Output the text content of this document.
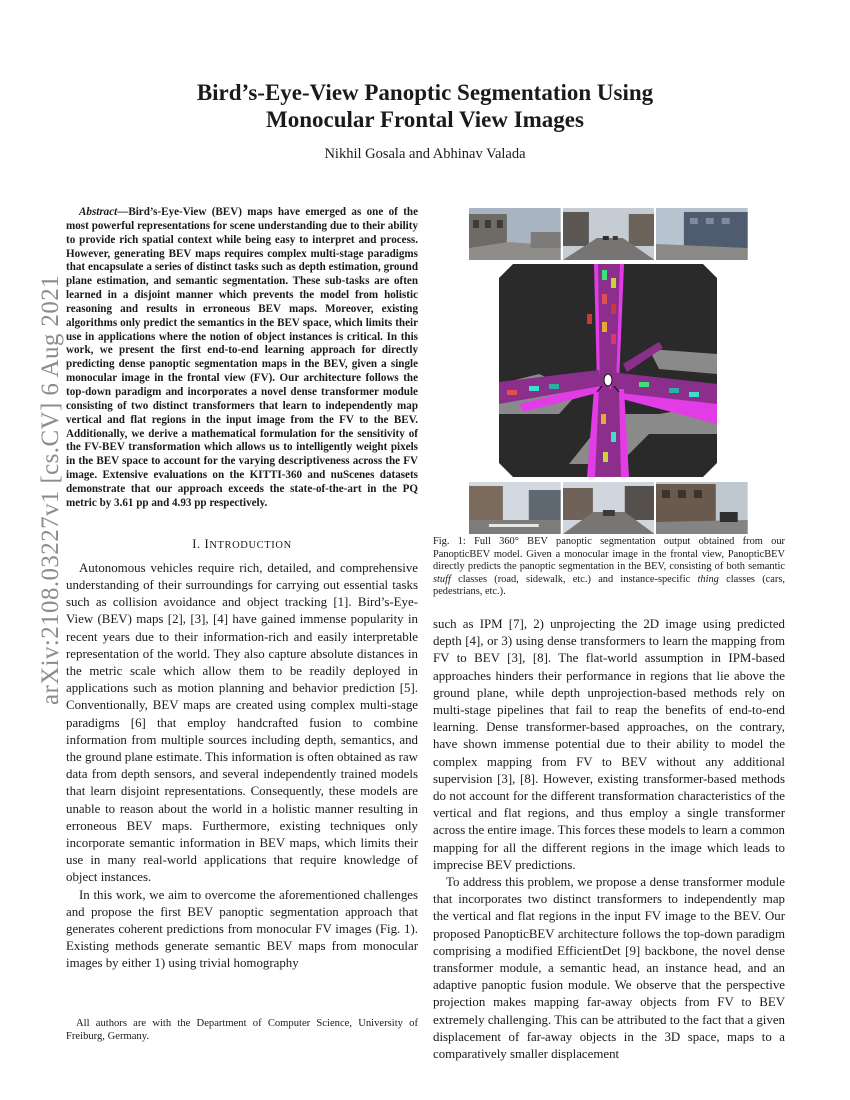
arXiv:2108.03227v1 [cs.CV] 6 Aug 2021
Bird’s-Eye-View Panoptic Segmentation Using
Monocular Frontal View Images
Nikhil Gosala and Abhinav Valada

Abstract—Bird’s-Eye-View (BEV) maps have emerged as one of the most powerful representations for scene understanding due to their ability to provide rich spatial context while being easy to interpret and process. However, generating BEV maps requires complex multi-stage paradigms that encapsulate a series of distinct tasks such as depth estimation, ground plane estimation, and semantic segmentation. These sub-tasks are often learned in a disjoint manner which prevents the model from holistic reasoning and results in erroneous BEV maps. Moreover, existing algorithms only predict the semantics in the BEV space, which limits their use in applications where the notion of object instances is critical. In this work, we present the first end-to-end learning approach for directly predicting dense panoptic segmentation maps in the BEV, given a single monocular image in the frontal view (FV). Our architecture follows the top-down paradigm and incorporates a novel dense transformer module consisting of two distinct transformers that learn to independently map vertical and flat regions in the input image from the FV to the BEV. Additionally, we derive a mathematical formulation for the sensitivity of the FV-BEV transformation which allows us to intelligently weight pixels in the BEV space to account for the varying descriptiveness across the FV image. Extensive evaluations on the KITTI-360 and nuScenes datasets demonstrate that our approach exceeds the state-of-the-art in the PQ metric by 3.61 pp and 4.93 pp respectively.

I. INTRODUCTION

Autonomous vehicles require rich, detailed, and comprehensive understanding of their surroundings for carrying out essential tasks such as collision avoidance and object tracking [1]. Bird’s-Eye-View (BEV) maps [2], [3], [4] have gained immense popularity in recent years due to their information-rich and easily interpretable representation of the world. They also capture absolute distances in the metric scale which allow them to be readily deployed in applications such as motion planning and behavior prediction [5]. Conventionally, BEV maps are created using complex multi-stage paradigms [6] that employ handcrafted fusion to combine information from multiple sources including depth, semantics, and the ground plane estimate. This information is often obtained as raw data from depth sensors, and several independently trained models that learn disjoint representations. Consequently, these models are unable to reason about the world in a holistic manner resulting in erroneous BEV maps. Furthermore, existing techniques only incorporate semantic information in BEV maps, which limits their use in many real-world applications that require knowledge of object instances.

In this work, we aim to overcome the aforementioned challenges and propose the first BEV panoptic segmentation approach that generates coherent predictions from monocular FV images (Fig. 1). Existing methods generate semantic BEV maps from monocular images by either 1) using trivial homography

All authors are with the Department of Computer Science, University of Freiburg, Germany.
Fig. 1: Full 360° BEV panoptic segmentation output obtained from our PanopticBEV model. Given a monocular image in the frontal view, PanopticBEV directly predicts the panoptic segmentation in the BEV, consisting of both semantic stuff classes (road, sidewalk, etc.) and instance-specific thing classes (cars, pedestrians, etc.).

such as IPM [7], 2) unprojecting the 2D image using predicted depth [4], or 3) using dense transformers to learn the mapping from FV to BEV [3], [8]. The flat-world assumption in IPM-based approaches hinders their performance in regions that lie above the ground plane, while depth unprojection-based methods rely on multi-stage pipelines that fail to reap the benefits of end-to-end learning. Dense transformer-based approaches, on the contrary, have shown immense potential due to their ability to model the complex mapping from FV to BEV without any additional supervision [3], [8]. However, existing transformer-based methods do not account for the different transformation characteristics of the vertical and flat regions, and thus employ a single transformer across the entire image. This forces these models to learn a common mapping for all the different regions in the image which leads to imprecise BEV predictions.

To address this problem, we propose a dense transformer module that incorporates two distinct transformers to independently map the vertical and flat regions in the input FV image to the BEV. Our proposed PanopticBEV architecture follows the top-down paradigm comprising a modified EfficientDet [9] backbone, the novel dense transformer module, a semantic head, an instance head, and an adaptive panoptic fusion module. We observe that the perspective projection makes mapping far-away objects from FV to BEV extremely challenging. This can be attributed to the fact that a given displacement of far-away objects in the 3D space, maps to a comparatively smaller displacement
